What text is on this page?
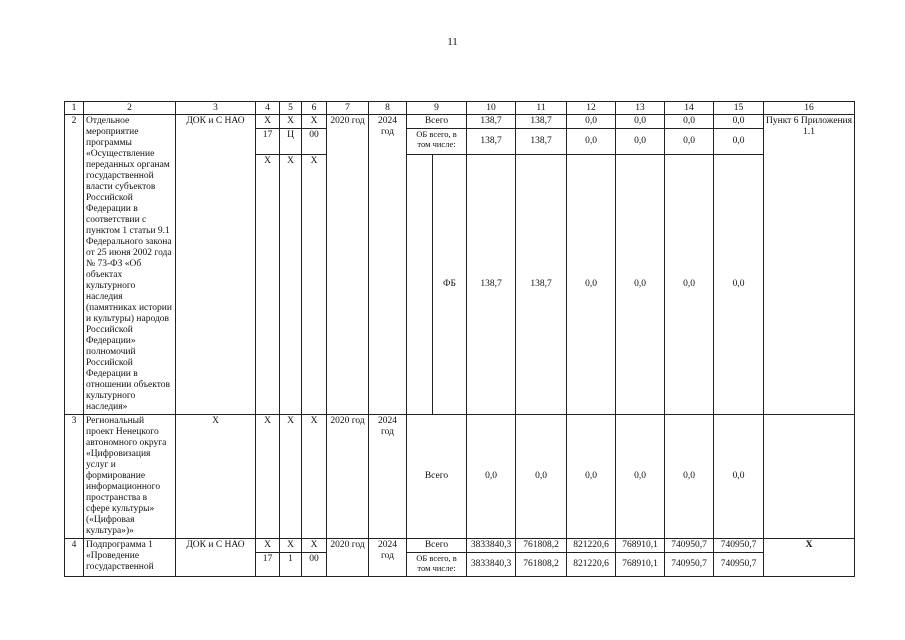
11
1	2	3	4	5	6	7	8	9		10	11	12	13	14	15	16
2	Отдельное мероприятие программы «Осуществление переданных органам государственной власти субъектов Российской Федерации в соответствии с пунктом 1 статьи 9.1 Федерального закона от 25 июня 2002 года № 73-ФЗ «Об объектах культурного наследия (памятниках истории и культуры) народов Российской Федерации» полномочий Российской Федерации в отношении объектов культурного наследия»	ДОК и С НАО	Х	Х	Х	2020 год	2024 год	Всего		138,7	138,7	0,0	0,0	0,0	0,0	Пункт 6 Приложения 1.1
			17	Ц	00			ОБ всего, в том числе:		138,7	138,7	0,0	0,0	0,0	0,0	
			Х	Х	Х				ФБ	138,7	138,7	0,0	0,0	0,0	0,0	
3	Региональный проект Ненецкого автономного округа «Цифровизация услуг и формирование информационного пространства в сфере культуры» («Цифровая культура»)»	Х	Х	Х	Х	2020 год	2024 год	Всего		0,0	0,0	0,0	0,0	0,0	0,0	
4	Подпрограмма 1 «Проведение государственной	ДОК и С НАО	Х	Х	Х	2020 год	2024 год	Всего		3833840,3	761808,2	821220,6	768910,1	740950,7	740950,7	Х
			17	1	00			ОБ всего, в том числе:		3833840,3	761808,2	821220,6	768910,1	740950,7	740950,7	
